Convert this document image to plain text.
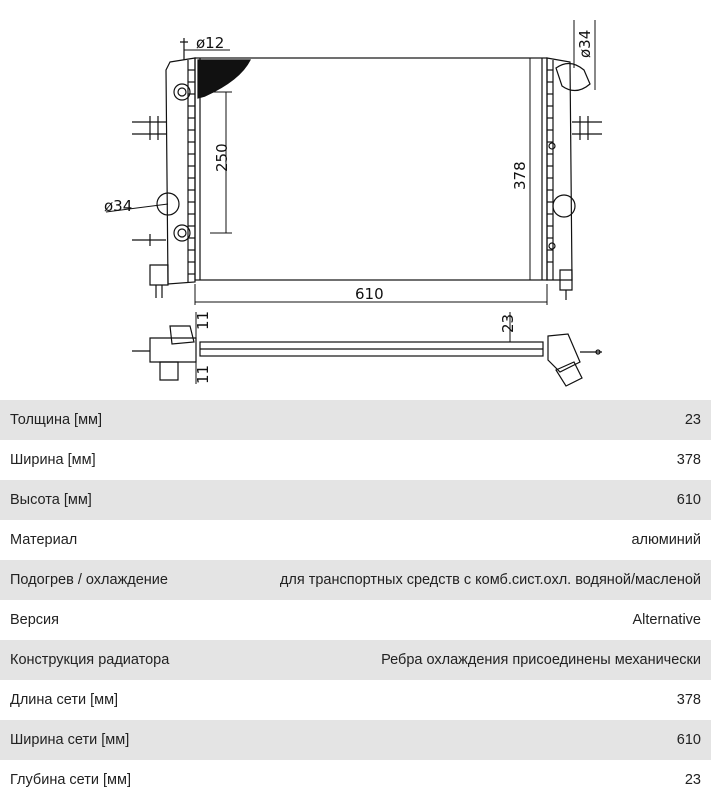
ø12
ø34
ø34
250
378
610
23
11
11
Толщина [мм]	23
Ширина [мм]	378
Высота [мм]	610
Материал	алюминий
Подогрев / охлаждение	для транспортных средств с комб.сист.охл. водяной/масленой
Версия	Alternative
Конструкция радиатора	Ребра охлаждения присоединены механически
Длина сети [мм]	378
Ширина сети [мм]	610
Глубина сети [мм]	23
